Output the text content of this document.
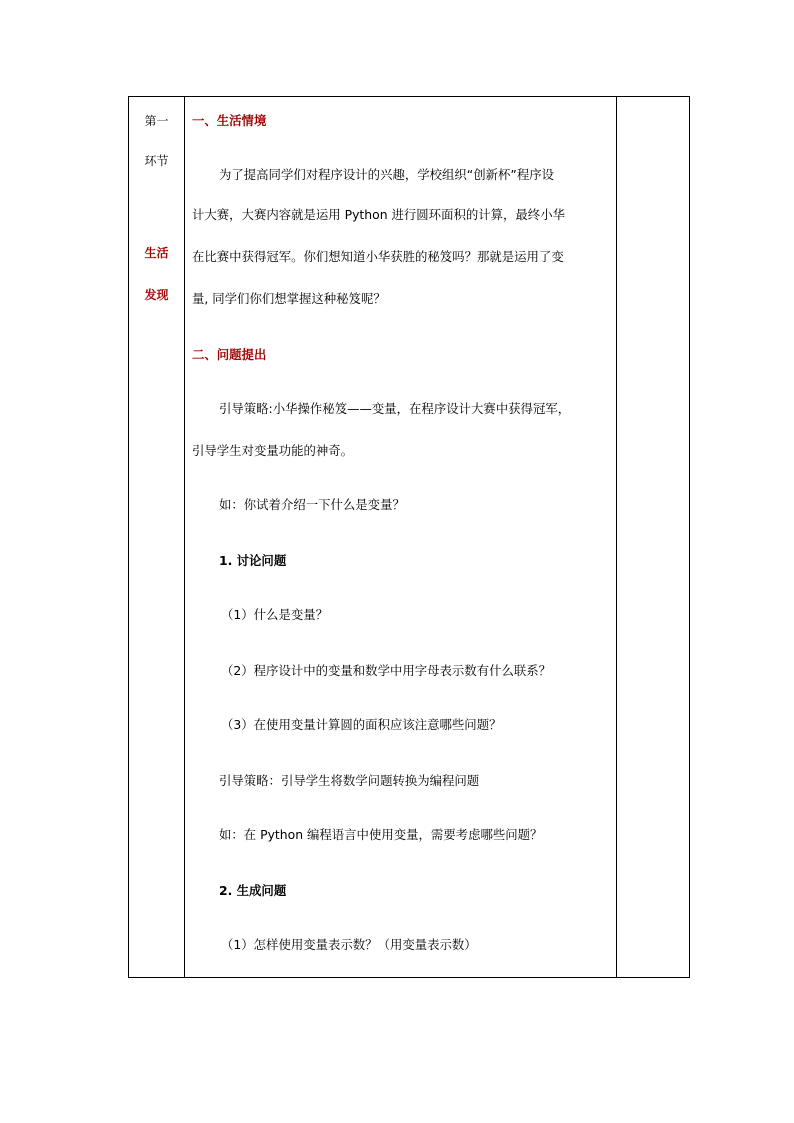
第一
环节
生活
发现

一、生活情境
为了提高同学们对程序设计的兴趣，学校组织“创新杯”程序设
计大赛，大赛内容就是运用 Python 进行圆环面积的计算，最终小华
在比赛中获得冠军。你们想知道小华获胜的秘笈吗？那就是运用了变
量, 同学们你们想掌握这种秘笈呢？
二、问题提出
引导策略:小华操作秘笈——变量，在程序设计大赛中获得冠军，
引导学生对变量功能的神奇。
如：你试着介绍一下什么是变量？
1. 讨论问题
（1）什么是变量？
（2）程序设计中的变量和数学中用字母表示数有什么联系？
（3）在使用变量计算圆的面积应该注意哪些问题？
引导策略：引导学生将数学问题转换为编程问题
如：在 Python 编程语言中使用变量，需要考虑哪些问题？
2. 生成问题
（1）怎样使用变量表示数？（用变量表示数）
